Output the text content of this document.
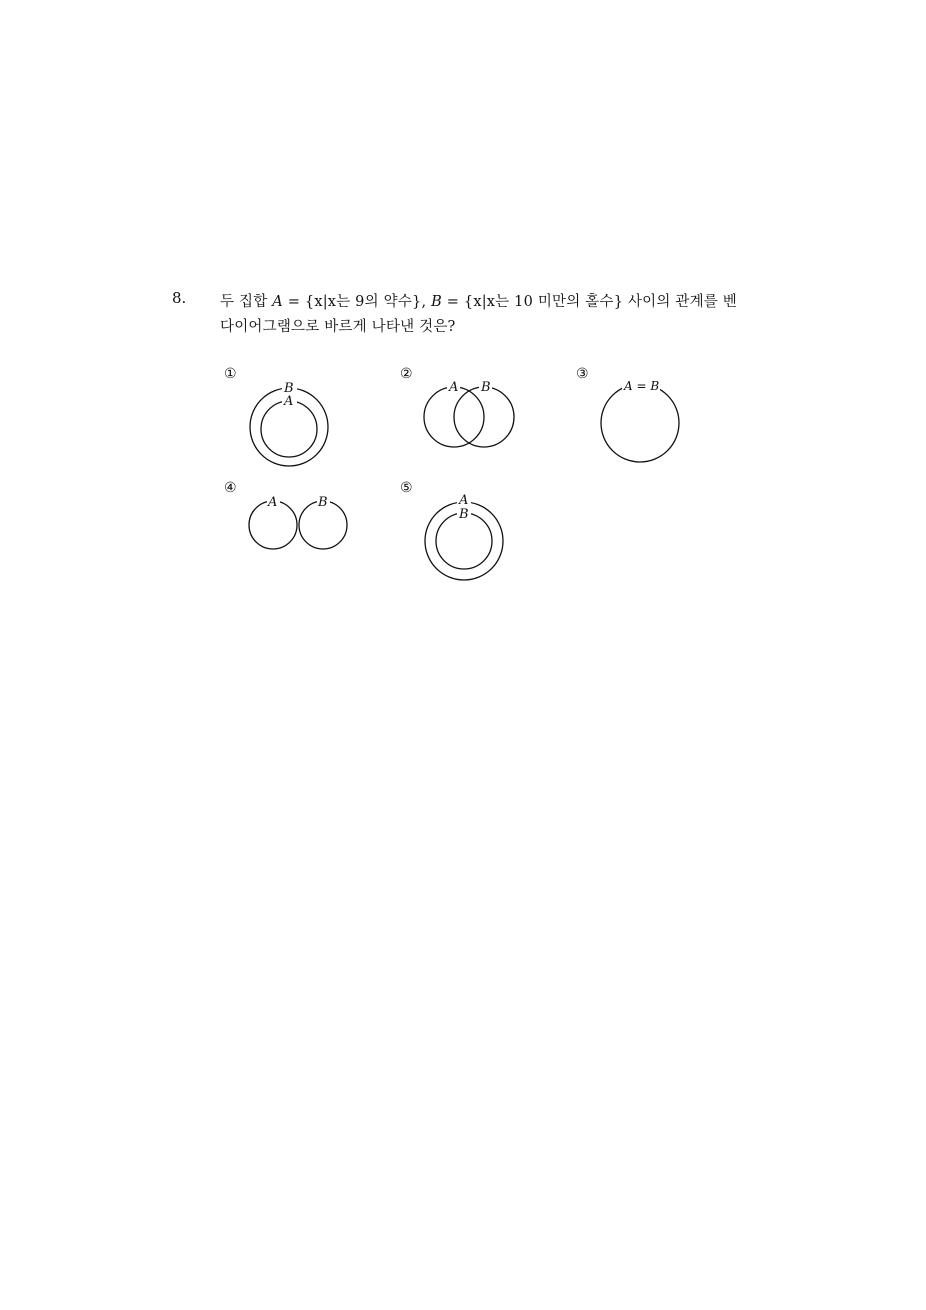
8. 두 집합 A = {x|x는 9의 약수}, B = {x|x는 10 미만의 홀수} 사이의 관계를 벤
다이어그램으로 바르게 나타낸 것은?
①
B
A
②
A B
③
A = B
④
A	B
⑤
A
B
